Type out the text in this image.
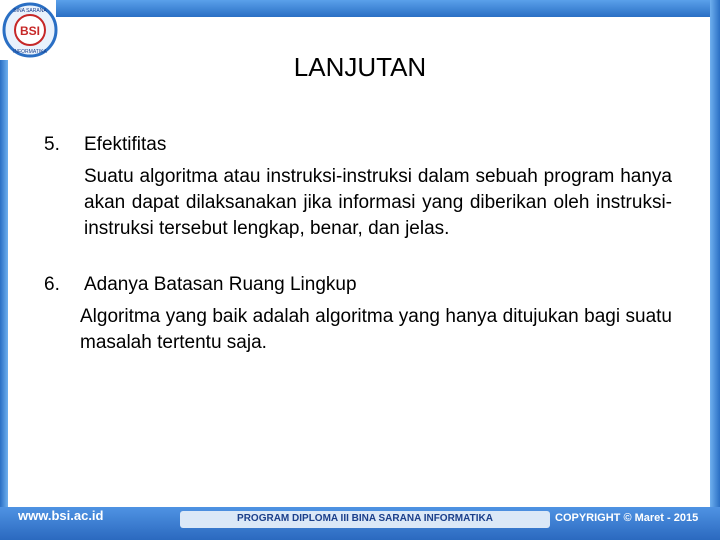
BSI
BINA SARANA
INFORMATIKA	LANJUTAN
5.	Efektifitas
Suatu algoritma atau instruksi-instruksi dalam sebuah program hanya akan dapat dilaksanakan jika informasi yang diberikan oleh instruksi-instruksi tersebut lengkap, benar, dan jelas.
6.	Adanya Batasan Ruang Lingkup
Algoritma yang baik adalah algoritma yang hanya ditujukan bagi suatu masalah tertentu saja.
www.bsi.ac.id	PROGRAM DIPLOMA III BINA SARANA INFORMATIKA	COPYRIGHT © Maret - 2015
